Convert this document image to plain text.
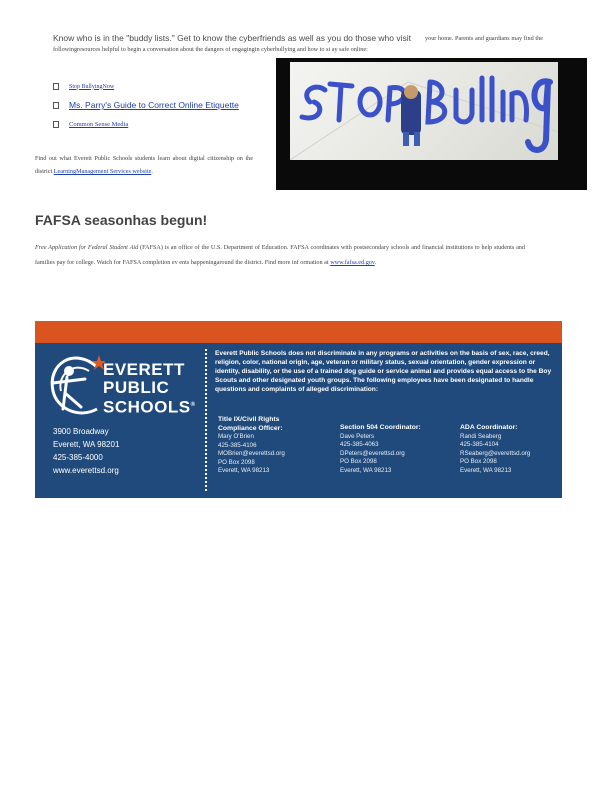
Know who is in the "buddy lists." Get to know the cyberfriends as well as you do those who visit	your home. Parents and guardians may find the followingresources helpful to begin a conversation about the dangers of engagingin cyberbullying and how to st ay safe online:
Stop BullyingNow
Ms. Parry's Guide to Correct Online Etiquette
Common Sense Media
Find out what Everett Public Schools students learn about digital citizenship on the district LearningManagement Services website.
FAFSA seasonhas begun!
Free Application for Federal Student Aid (FAFSA) is an office of the U.S. Department of Education. FAFSA coordinates with postsecondary schools and financial institutions to help students and families pay for college. Watch for FAFSA completion ev ents happeningaround the district. Find more inf ormation at www.fafsa.ed.gov.
EVERETT
PUBLIC
SCHOOLS®
3900 Broadway
Everett, WA 98201
425-385-4000
www.everettsd.org
Everett Public Schools does not discriminate in any programs or activities on the basis of sex, race, creed, religion, color, national origin, age, veteran or military status, sexual orientation, gender expression or identity, disability, or the use of a trained dog guide or service animal and provides equal access to the Boy Scouts and other designated youth groups. The following employees have been designated to handle questions and complaints of alleged discrimination:
Title IX/Civil Rights
Compliance Officer:
Mary O'Brien
425-385-4106
MOBrien@everettsd.org
PO Box 2098
Everett, WA 98213
Section 504 Coordinator:
Dave Peters
425-385-4063
DPeters@everettsd.org
PO Box 2098
Everett, WA 98213
ADA Coordinator:
Randi Seaberg
425-385-4104
RSeaberg@everettsd.org
PO Box 2098
Everett, WA 98213
